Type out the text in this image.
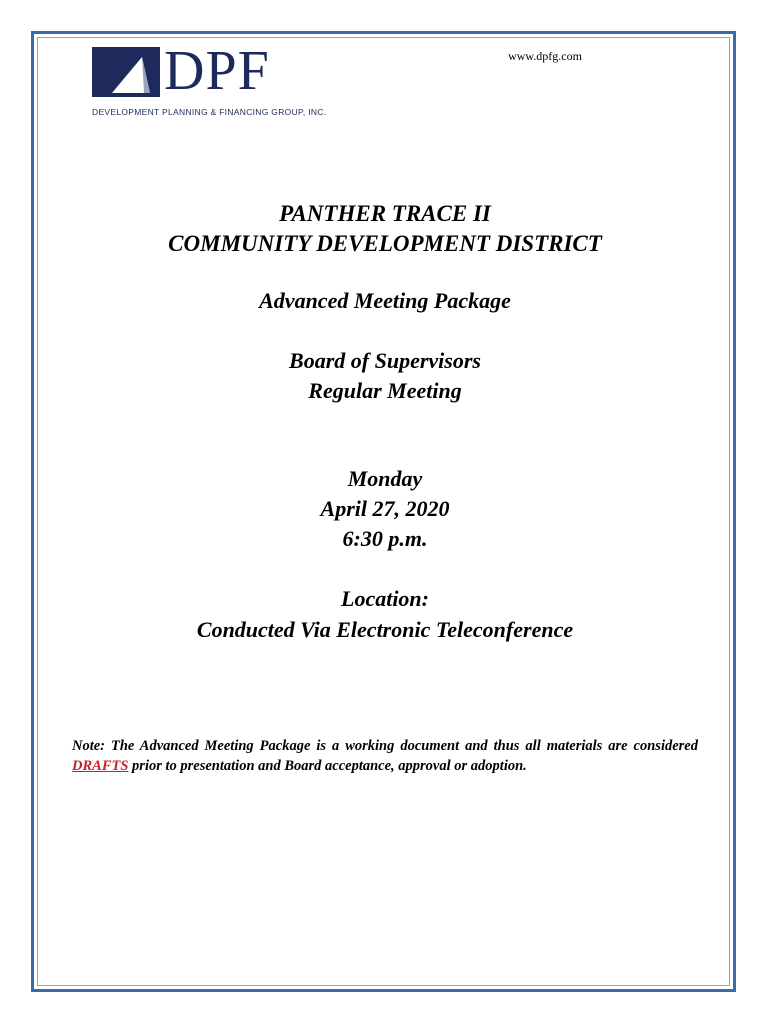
DPF
DEVELOPMENT PLANNING & FINANCING GROUP, INC.
www.dpfg.com
PANTHER TRACE II
COMMUNITY DEVELOPMENT DISTRICT
Advanced Meeting Package
Board of Supervisors
Regular Meeting
Monday
April 27, 2020
6:30 p.m.
Location:
Conducted Via Electronic Teleconference
Note: The Advanced Meeting Package is a working document and thus all materials are considered DRAFTS prior to presentation and Board acceptance, approval or adoption.
